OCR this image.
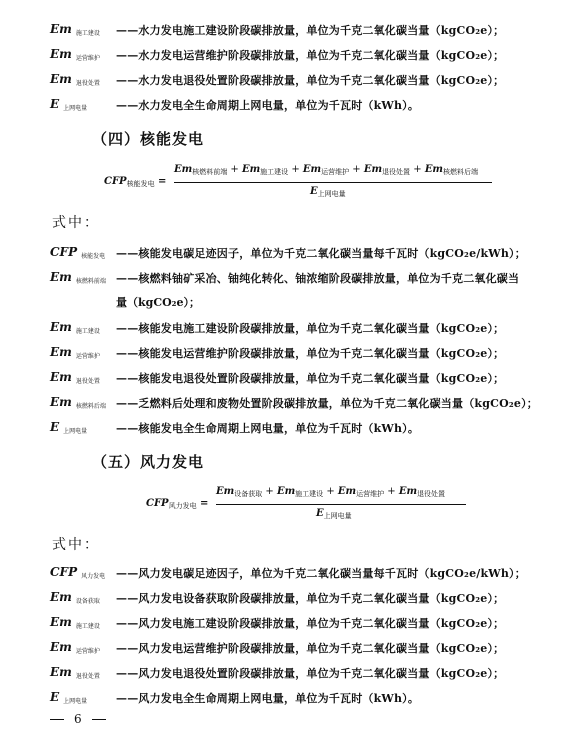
Em $_{施工建设}$ ——水力发电施工建设阶段碳排放量，单位为千克二氧化碳当量（kgCO₂e）；
Em $_{运营维护}$ ——水力发电运营维护阶段碳排放量，单位为千克二氧化碳当量（kgCO₂e）；
Em $_{退役处置}$ ——水力发电退役处置阶段碳排放量，单位为千克二氧化碳当量（kgCO₂e）；
E $_{上网电量}$	——水力发电全生命周期上网电量，单位为千瓦时（kWh）。
（四）核能发电
$CFP_{核能发电}$ =
$Em_{核燃料前端} + Em_{施工建设} + Em_{运营维护} + Em_{退役处置} + Em_{核燃料后端}$
$E_{上网电量}$
式中：
CFP $_{核能发电}$ ——核能发电碳足迹因子，单位为千克二氧化碳当量每千瓦时（kgCO₂e/kWh）；
Em $_{核燃料前端}$ ——核燃料铀矿采冶、铀纯化转化、铀浓缩阶段碳排放量，单位为千克二氧化碳当
量（kgCO₂e）；
Em $_{施工建设}$ ——核能发电施工建设阶段碳排放量，单位为千克二氧化碳当量（kgCO₂e）；
Em $_{运营维护}$ ——核能发电运营维护阶段碳排放量，单位为千克二氧化碳当量（kgCO₂e）；
Em $_{退役处置}$ ——核能发电退役处置阶段碳排放量，单位为千克二氧化碳当量（kgCO₂e）；
Em $_{核燃料后端}$ ——乏燃料后处理和废物处置阶段碳排放量，单位为千克二氧化碳当量（kgCO₂e）；
E $_{上网电量}$	——核能发电全生命周期上网电量，单位为千瓦时（kWh）。
（五）风力发电
$CFP_{风力发电}$ =
$Em_{设备获取} + Em_{施工建设} + Em_{运营维护} + Em_{退役处置}$
$E_{上网电量}$
式中：
CFP $_{风力发电}$ ——风力发电碳足迹因子，单位为千克二氧化碳当量每千瓦时（kgCO₂e/kWh）；
Em $_{设备获取}$ ——风力发电设备获取阶段碳排放量，单位为千克二氧化碳当量（kgCO₂e）；
Em $_{施工建设}$ ——风力发电施工建设阶段碳排放量，单位为千克二氧化碳当量（kgCO₂e）；
Em $_{运营维护}$ ——风力发电运营维护阶段碳排放量，单位为千克二氧化碳当量（kgCO₂e）；
Em $_{退役处置}$ ——风力发电退役处置阶段碳排放量，单位为千克二氧化碳当量（kgCO₂e）；
E $_{上网电量}$	——风力发电全生命周期上网电量，单位为千瓦时（kWh）。
6
